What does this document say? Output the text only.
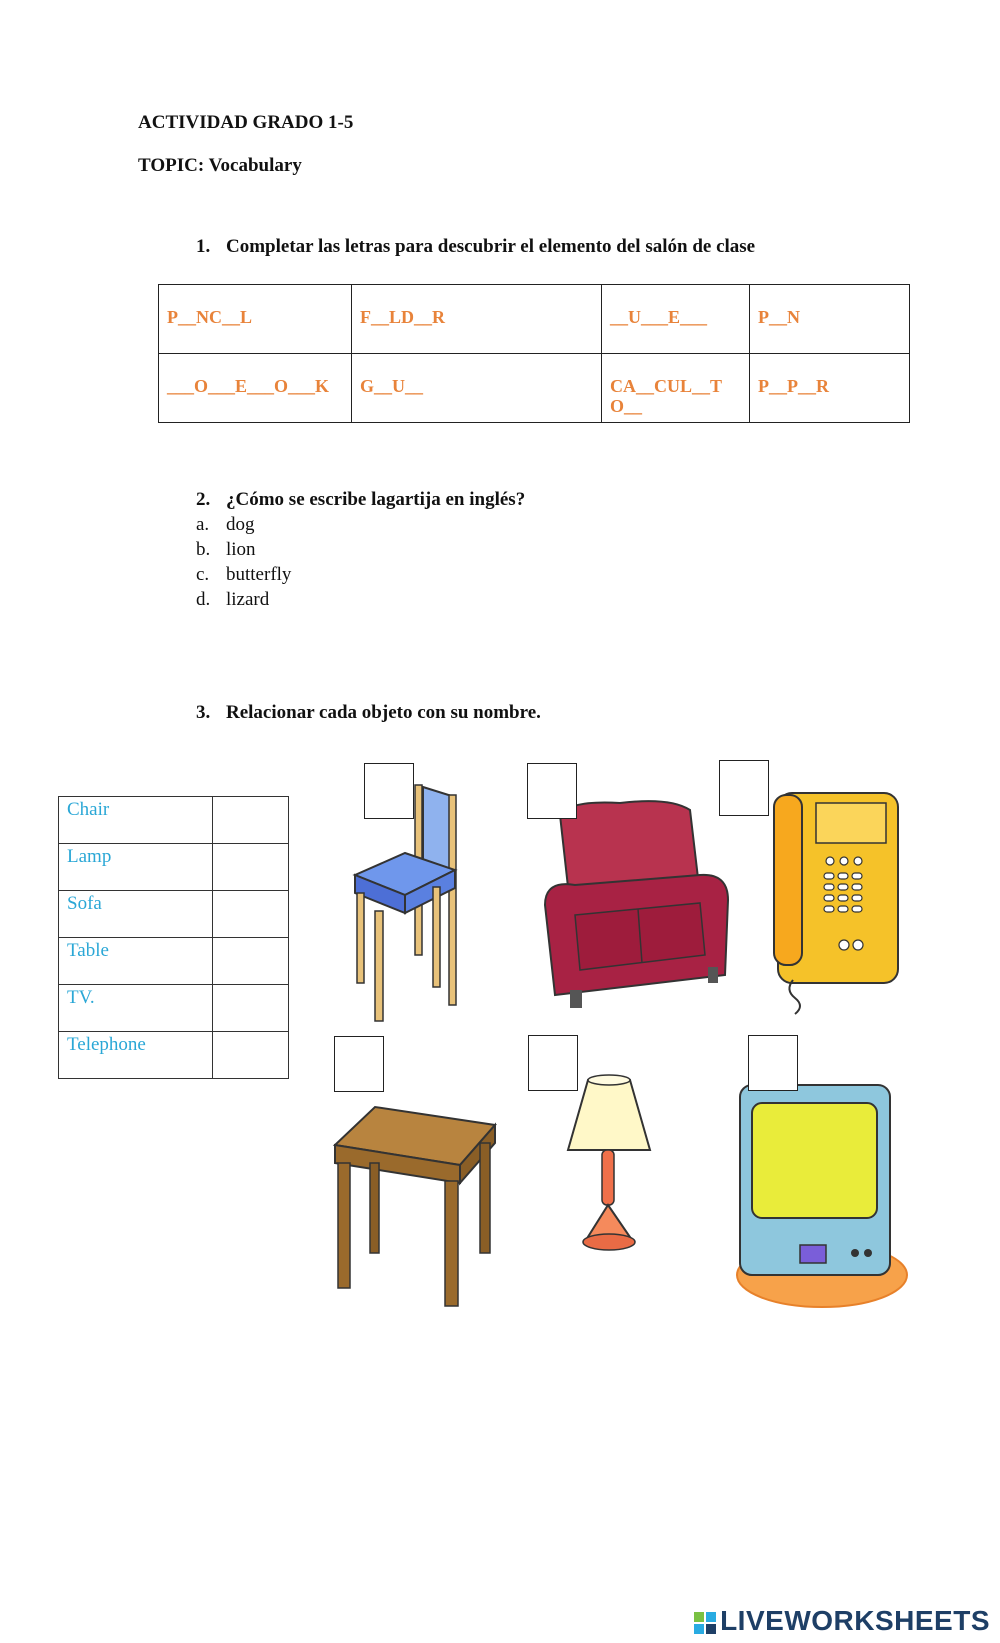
ACTIVIDAD GRADO 1-5
TOPIC: Vocabulary
1. Completar las letras para descubrir el elemento del salón de clase
P__NC__L	F__LD__R	__U___E___	P__N
___O___E___O___K	G__U__	CA__CUL__T O__	P__P__R
2. ¿Cómo se escribe lagartija en inglés?
a. dog
b. lion
c. butterfly
d. lizard
3. Relacionar cada objeto con su nombre.
Chair	
Lamp	
Sofa	
Table	
TV.	
Telephone	
LIVEWORKSHEETS
